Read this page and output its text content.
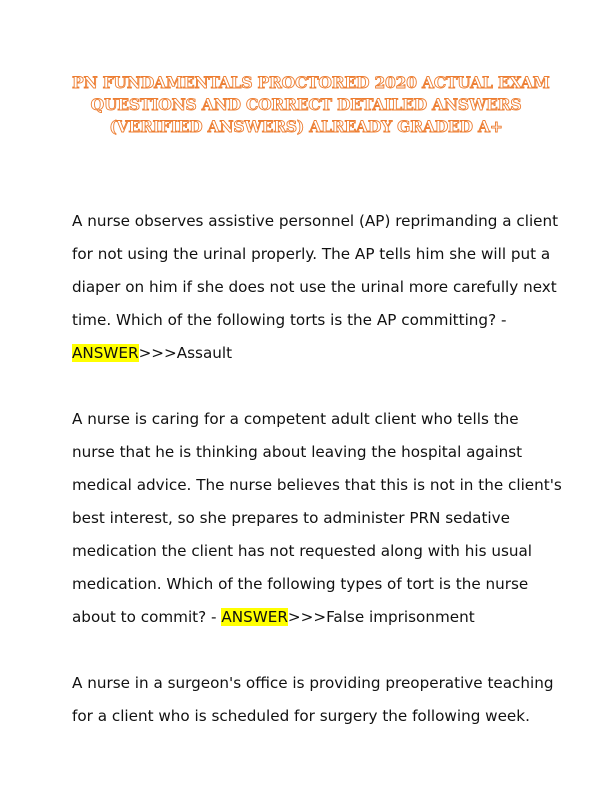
PN FUNDAMENTALS PROCTORED 2020 ACTUAL EXAM
QUESTIONS AND CORRECT DETAILED ANSWERS
(VERIFIED ANSWERS) ALREADY GRADED A+
A nurse observes assistive personnel (AP) reprimanding a client
for not using the urinal properly. The AP tells him she will put a
diaper on him if she does not use the urinal more carefully next
time. Which of the following torts is the AP committing? -
ANSWER>>>Assault
A nurse is caring for a competent adult client who tells the
nurse that he is thinking about leaving the hospital against
medical advice. The nurse believes that this is not in the client's
best interest, so she prepares to administer PRN sedative
medication the client has not requested along with his usual
medication. Which of the following types of tort is the nurse
about to commit? - ANSWER>>>False imprisonment
A nurse in a surgeon's office is providing preoperative teaching
for a client who is scheduled for surgery the following week.
